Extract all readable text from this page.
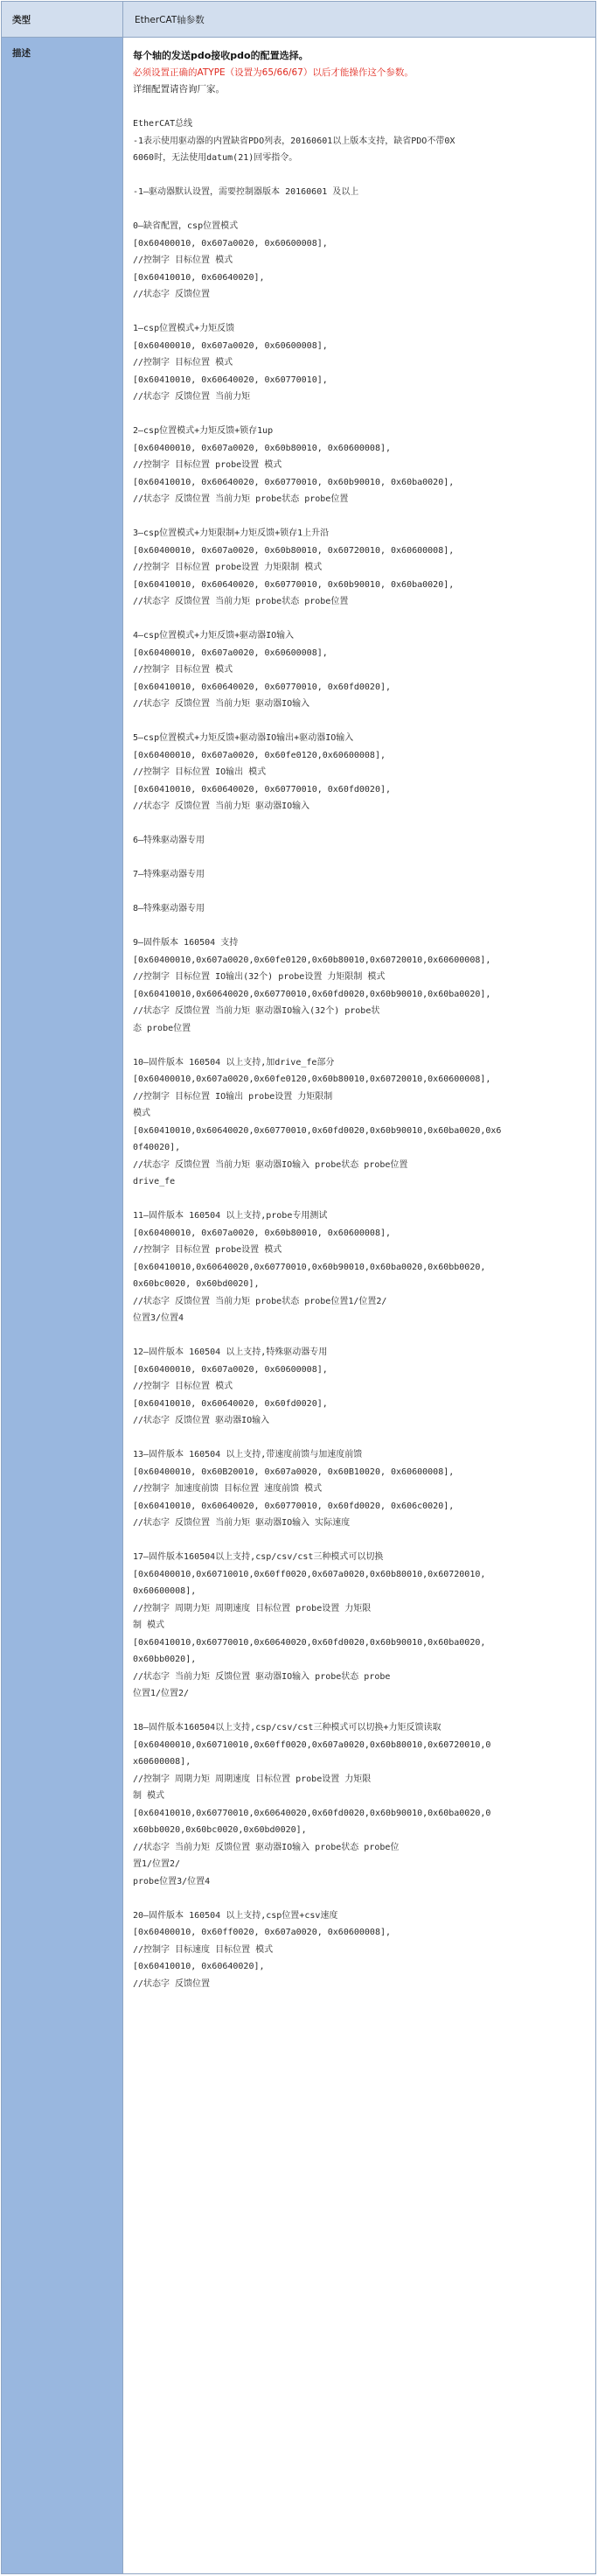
类型	EtherCAT轴参数
描述	每个轴的发送pdo接收pdo的配置选择。
必须设置正确的ATYPE（设置为65/66/67）以后才能操作这个参数。
详细配置请咨询厂家。
EtherCAT总线
-1表示使用驱动器的内置缺省PDO列表，20160601以上版本支持，缺省PDO不带0X
6060时，无法使用datum(21)回零指令。
-1—驱动器默认设置，需要控制器版本 20160601 及以上
0—缺省配置，csp位置模式
[0x60400010, 0x607a0020, 0x60600008],
//控制字 目标位置 模式
[0x60410010, 0x60640020],
//状态字 反馈位置
1—csp位置模式+力矩反馈
[0x60400010, 0x607a0020, 0x60600008],
//控制字 目标位置 模式
[0x60410010, 0x60640020, 0x60770010],
//状态字 反馈位置 当前力矩
2—csp位置模式+力矩反馈+锁存1up
[0x60400010, 0x607a0020, 0x60b80010, 0x60600008],
//控制字 目标位置 probe设置 模式
[0x60410010, 0x60640020, 0x60770010, 0x60b90010, 0x60ba0020],
//状态字 反馈位置 当前力矩 probe状态 probe位置
3—csp位置模式+力矩限制+力矩反馈+锁存1上升沿
[0x60400010, 0x607a0020, 0x60b80010, 0x60720010, 0x60600008],
//控制字 目标位置 probe设置 力矩限制 模式
[0x60410010, 0x60640020, 0x60770010, 0x60b90010, 0x60ba0020],
//状态字 反馈位置 当前力矩 probe状态 probe位置
4—csp位置模式+力矩反馈+驱动器IO输入
[0x60400010, 0x607a0020, 0x60600008],
//控制字 目标位置 模式
[0x60410010, 0x60640020, 0x60770010, 0x60fd0020],
//状态字 反馈位置 当前力矩 驱动器IO输入
5—csp位置模式+力矩反馈+驱动器IO输出+驱动器IO输入
[0x60400010, 0x607a0020, 0x60fe0120,0x60600008],
//控制字 目标位置 IO输出 模式
[0x60410010, 0x60640020, 0x60770010, 0x60fd0020],
//状态字 反馈位置 当前力矩 驱动器IO输入
6—特殊驱动器专用
7—特殊驱动器专用
8—特殊驱动器专用
9—固件版本 160504 支持
[0x60400010,0x607a0020,0x60fe0120,0x60b80010,0x60720010,0x60600008],
//控制字 目标位置 IO输出(32个) probe设置 力矩限制 模式
[0x60410010,0x60640020,0x60770010,0x60fd0020,0x60b90010,0x60ba0020],
//状态字 反馈位置 当前力矩 驱动器IO输入(32个) probe状
态 probe位置
10—固件版本 160504 以上支持,加drive_fe部分
[0x60400010,0x607a0020,0x60fe0120,0x60b80010,0x60720010,0x60600008],
//控制字 目标位置 IO输出 probe设置 力矩限制
模式
[0x60410010,0x60640020,0x60770010,0x60fd0020,0x60b90010,0x60ba0020,0x6
0f40020],
//状态字 反馈位置 当前力矩 驱动器IO输入 probe状态 probe位置
drive_fe
11—固件版本 160504 以上支持,probe专用测试
[0x60400010, 0x607a0020, 0x60b80010, 0x60600008],
//控制字 目标位置 probe设置 模式
[0x60410010,0x60640020,0x60770010,0x60b90010,0x60ba0020,0x60bb0020,
0x60bc0020, 0x60bd0020],
//状态字 反馈位置 当前力矩 probe状态 probe位置1/位置2/
位置3/位置4
12—固件版本 160504 以上支持,特殊驱动器专用
[0x60400010, 0x607a0020, 0x60600008],
//控制字 目标位置 模式
[0x60410010, 0x60640020, 0x60fd0020],
//状态字 反馈位置 驱动器IO输入
13—固件版本 160504 以上支持,带速度前馈与加速度前馈
[0x60400010, 0x60B20010, 0x607a0020, 0x60B10020, 0x60600008],
//控制字 加速度前馈 目标位置 速度前馈 模式
[0x60410010, 0x60640020, 0x60770010, 0x60fd0020, 0x606c0020],
//状态字 反馈位置 当前力矩 驱动器IO输入 实际速度
17—固件版本160504以上支持,csp/csv/cst三种模式可以切换
[0x60400010,0x60710010,0x60ff0020,0x607a0020,0x60b80010,0x60720010,
0x60600008],
//控制字 周期力矩 周期速度 目标位置 probe设置 力矩限
制 模式
[0x60410010,0x60770010,0x60640020,0x60fd0020,0x60b90010,0x60ba0020,
0x60bb0020],
//状态字 当前力矩 反馈位置 驱动器IO输入 probe状态 probe
位置1/位置2/
18—固件版本160504以上支持,csp/csv/cst三种模式可以切换+力矩反馈读取
[0x60400010,0x60710010,0x60ff0020,0x607a0020,0x60b80010,0x60720010,0
x60600008],
//控制字 周期力矩 周期速度 目标位置 probe设置 力矩限
制 模式
[0x60410010,0x60770010,0x60640020,0x60fd0020,0x60b90010,0x60ba0020,0
x60bb0020,0x60bc0020,0x60bd0020],
//状态字 当前力矩 反馈位置 驱动器IO输入 probe状态 probe位
置1/位置2/
probe位置3/位置4
20—固件版本 160504 以上支持,csp位置+csv速度
[0x60400010, 0x60ff0020, 0x607a0020, 0x60600008],
//控制字 目标速度 目标位置 模式
[0x60410010, 0x60640020],
//状态字 反馈位置
